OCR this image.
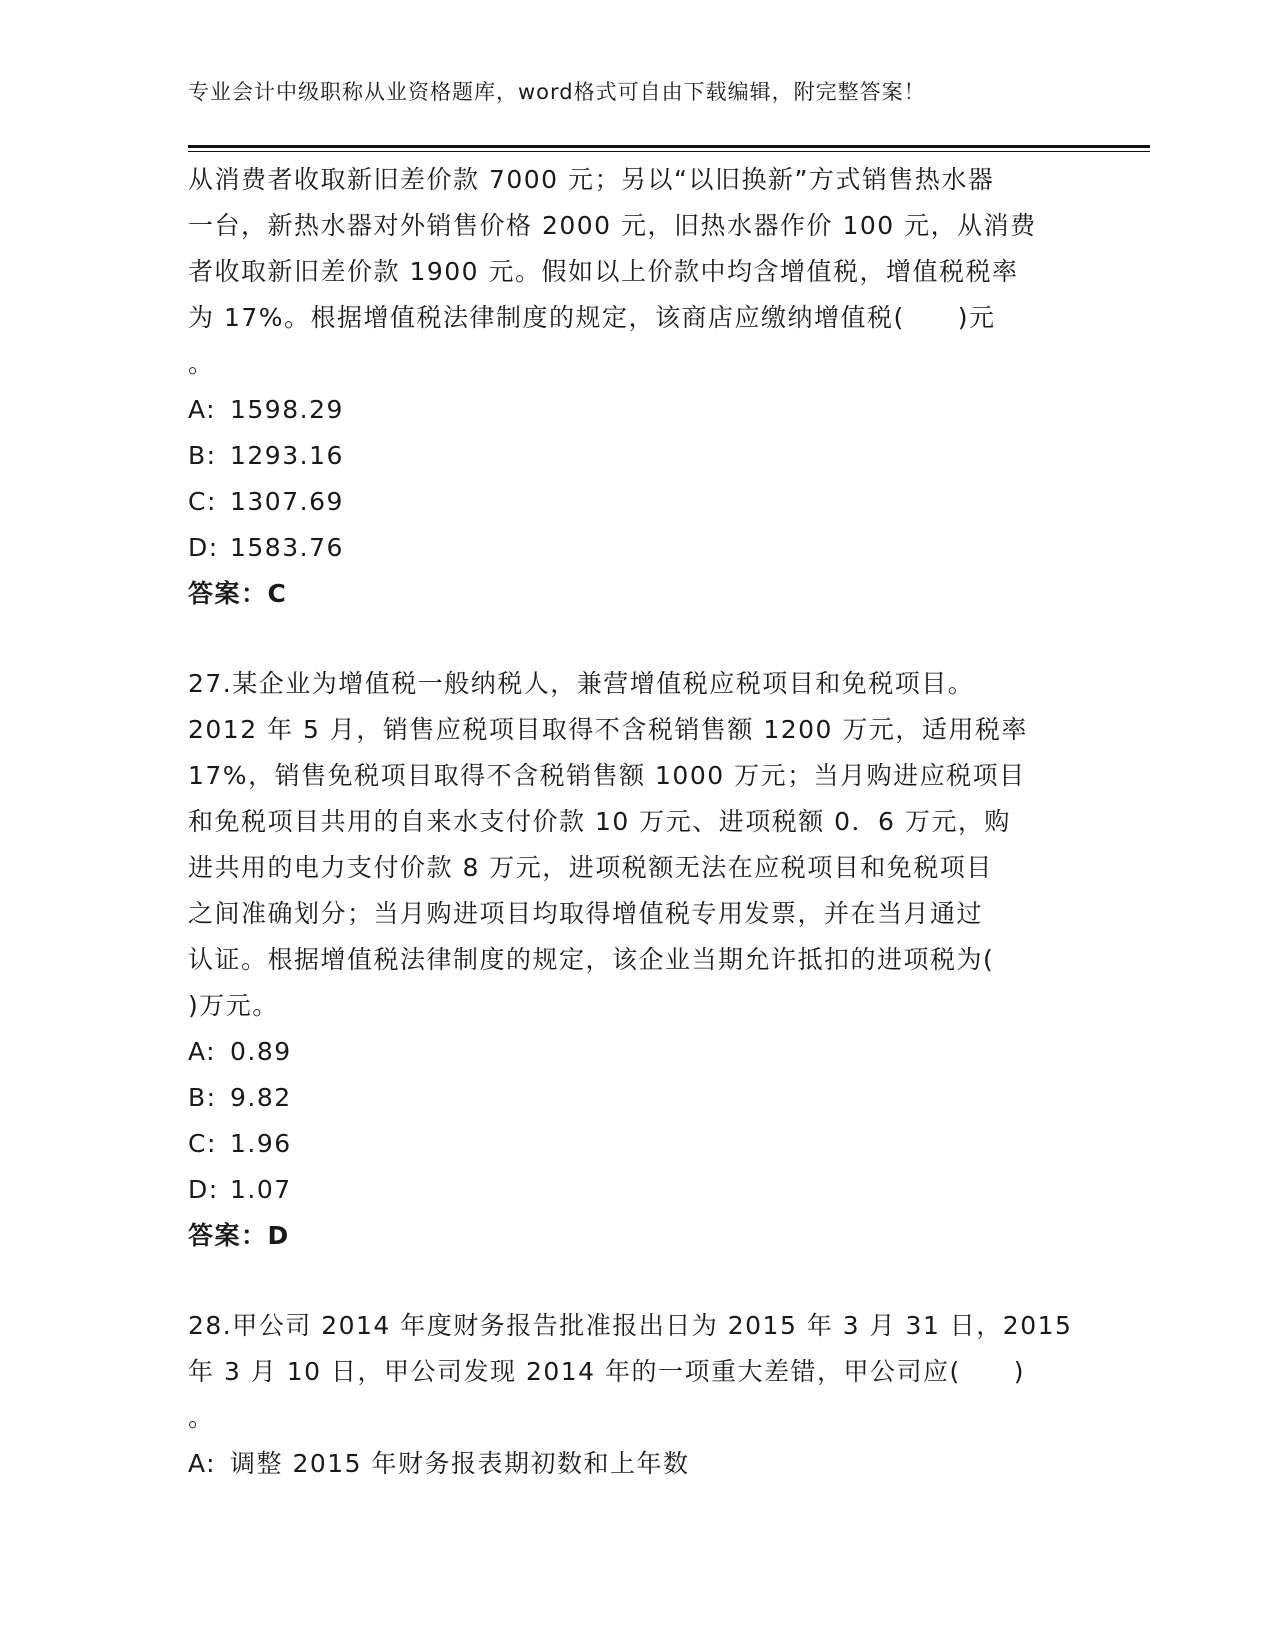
专业会计中级职称从业资格题库，word格式可自由下载编辑，附完整答案！
从消费者收取新旧差价款 7000 元；另以“以旧换新”方式销售热水器
一台，新热水器对外销售价格 2000 元，旧热水器作价 100 元，从消费
者收取新旧差价款 1900 元。假如以上价款中均含增值税，增值税税率
为 17%。根据增值税法律制度的规定，该商店应缴纳增值税(　　)元
。
A: 1598.29
B: 1293.16
C: 1307.69
D: 1583.76
答案：C
27.某企业为增值税一般纳税人，兼营增值税应税项目和免税项目。
2012 年 5 月，销售应税项目取得不含税销售额 1200 万元，适用税率
17%，销售免税项目取得不含税销售额 1000 万元；当月购进应税项目
和免税项目共用的自来水支付价款 10 万元、进项税额 0．6 万元，购
进共用的电力支付价款 8 万元，进项税额无法在应税项目和免税项目
之间准确划分；当月购进项目均取得增值税专用发票，并在当月通过
认证。根据增值税法律制度的规定，该企业当期允许抵扣的进项税为(
)万元。
A: 0.89
B: 9.82
C: 1.96
D: 1.07
答案：D
28.甲公司 2014 年度财务报告批准报出日为 2015 年 3 月 31 日，2015
年 3 月 10 日，甲公司发现 2014 年的一项重大差错，甲公司应(　　)
。
A: 调整 2015 年财务报表期初数和上年数
